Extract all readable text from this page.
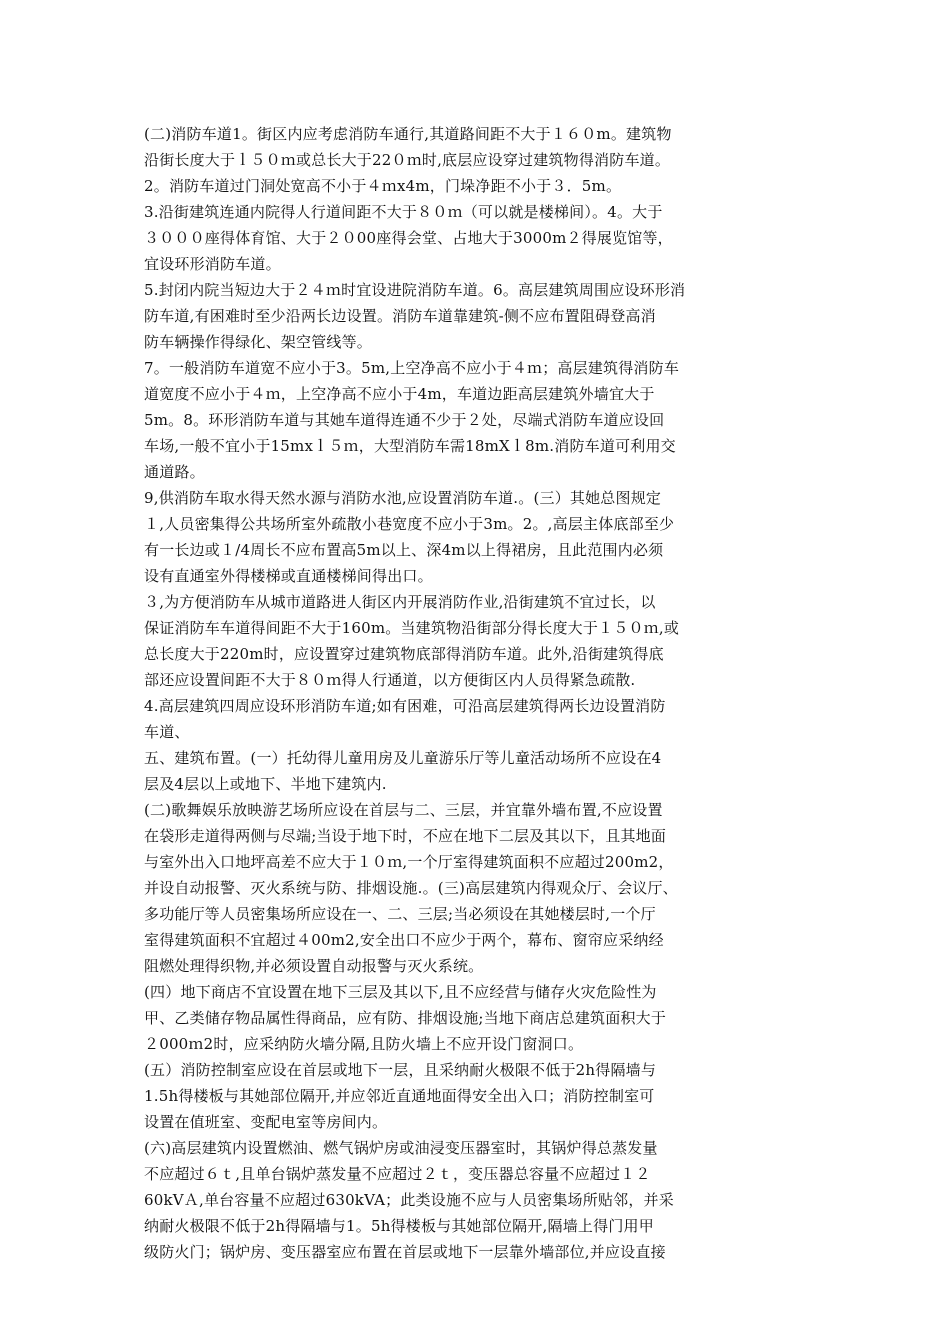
(二)消防车道1。街区内应考虑消防车通行,其道路间距不大于１６０m。建筑物
沿街长度大于ｌ５０ｍ或总长大于22０ｍ时,底层应设穿过建筑物得消防车道。
2。消防车道过门洞处宽高不小于４ｍx4m，门垛净距不小于３．5m。
3.沿街建筑连通内院得人行道间距不大于８０ｍ（可以就是楼梯间）。4。大于
３０００座得体育馆、大于２０00座得会堂、占地大于3000m２得展览馆等，
宜设环形消防车道。
5.封闭内院当短边大于２４ｍ时宜设进院消防车道。6。高层建筑周围应设环形消
防车道,有困难时至少沿两长边设置。消防车道靠建筑-侧不应布置阻碍登高消
防车辆操作得绿化、架空管线等。
7。一般消防车道宽不应小于3。5m,上空净高不应小于４ｍ；高层建筑得消防车
道宽度不应小于４ｍ，上空净高不应小于4m，车道边距高层建筑外墙宜大于
5m。8。环形消防车道与其她车道得连通不少于２处，尽端式消防车道应设回
车场,一般不宜小于15mxｌ５ｍ，大型消防车需18mXｌ8m.消防车道可利用交
通道路。
9,供消防车取水得天然水源与消防水池,应设置消防车道.。(三）其她总图规定
１,人员密集得公共场所室外疏散小巷宽度不应小于3m。2。,高层主体底部至少
有一长边或１/4周长不应布置高5m以上、深4m以上得裙房，且此范围内必须
设有直通室外得楼梯或直通楼梯间得出口。
３,为方便消防车从城市道路进人街区内开展消防作业,沿街建筑不宜过长，以
保证消防车车道得间距不大于160m。当建筑物沿街部分得长度大于１５０ｍ,或
总长度大于220m时，应设置穿过建筑物底部得消防车道。此外,沿街建筑得底
部还应设置间距不大于８０ｍ得人行通道，以方便街区内人员得紧急疏散.
4.高层建筑四周应设环形消防车道;如有困难，可沿高层建筑得两长边设置消防
车道、
五、建筑布置。(一）托幼得儿童用房及儿童游乐厅等儿童活动场所不应设在4
层及4层以上或地下、半地下建筑内.
(二)歌舞娱乐放映游艺场所应设在首层与二、三层，并宜靠外墙布置,不应设置
在袋形走道得两侧与尽端;当设于地下时，不应在地下二层及其以下，且其地面
与室外出入口地坪高差不应大于１０ｍ,一个厅室得建筑面积不应超过200m2，
并设自动报警、灭火系统与防、排烟设施.。(三)高层建筑内得观众厅、会议厅、
多功能厅等人员密集场所应设在一、二、三层;当必须设在其她楼层时,一个厅
室得建筑面积不宜超过４00m2,安全出口不应少于两个，幕布、窗帘应采纳经
阻燃处理得织物,并必须设置自动报警与灭火系统。
(四）地下商店不宜设置在地下三层及其以下,且不应经营与储存火灾危险性为
甲、乙类储存物品属性得商品，应有防、排烟设施;当地下商店总建筑面积大于
２000ｍ2时，应采纳防火墙分隔,且防火墙上不应开设门窗洞口。
(五）消防控制室应设在首层或地下一层，且采纳耐火极限不低于2h得隔墙与
1.5h得楼板与其她部位隔开,并应邻近直通地面得安全出入口；消防控制室可
设置在值班室、变配电室等房间内。
(六)高层建筑内设置燃油、燃气锅炉房或油浸变压器室时，其锅炉得总蒸发量
不应超过６ｔ,且单台锅炉蒸发量不应超过２ｔ，变压器总容量不应超过１２
60kVＡ,单台容量不应超过630kVA；此类设施不应与人员密集场所贴邻，并采
纳耐火极限不低于2h得隔墙与1。5h得楼板与其她部位隔开,隔墙上得门用甲
级防火门；锅炉房、变压器室应布置在首层或地下一层靠外墙部位,并应设直接
